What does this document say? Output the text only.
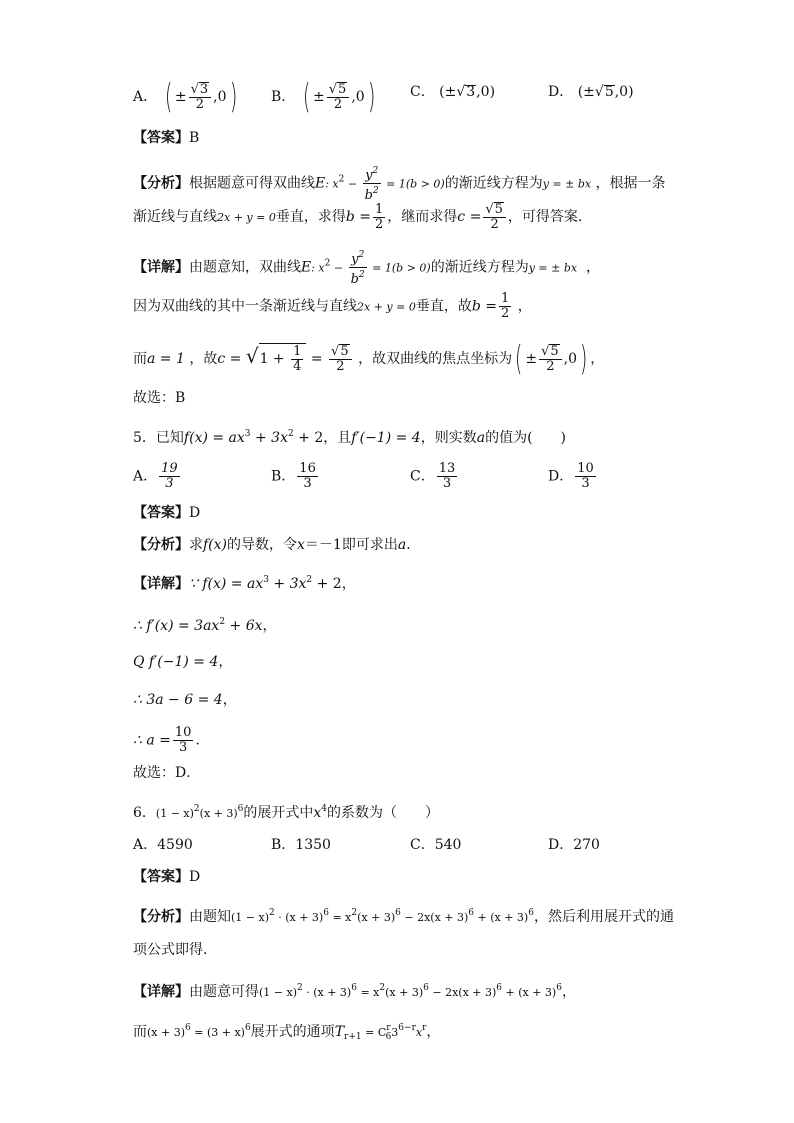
A． ( ± $\frac{√3}{2} ,0$) B． ( ± $\frac{√5}{2} ,0$)	C． (±√3,0)	D． (±√5,0)
【答案】B
【分析】根据题意可得双曲线E: $x^2 - \frac{y^2}{b^2} = 1(b > 0)$的渐近线方程为y = ± bx ，根据一条
渐近线与直线2x + y = 0垂直，求得$b = \frac{1}{2}$ ，继而求得$c = \frac{√5}{2}$ ，可得答案.
【详解】由题意知，双曲线E: $x^2 - \frac{y^2}{b^2} = 1(b > 0)$的渐近线方程为y = ± bx ，
因为双曲线的其中一条渐近线与直线2x + y = 0垂直，故$b = \frac{1}{2}$ ，
而a = 1 ，故$c = √1 + \frac{1}{4} = \frac{√5}{2}$ ，故双曲线的焦点坐标为( ± $\frac{√5}{2} ,0$) ，
故选：B
5．已知$f(x) = ax^3 + 3x^2 + 2$，且f′(−1) = 4，则实数a的值为(　　)
A． $\frac{19}{3}$	B． $\frac{16}{3}$	C． $\frac{13}{3}$	D． $\frac{10}{3}$
【答案】D
【分析】求f(x)的导数，令x＝－1即可求出a．
【详解】∵ $f(x) = ax^3 + 3x^2 + 2$，
∴ $f'(x) = 3ax^2 + 6x$，
Q f′(−1) = 4，
∴ 3a − 6 = 4，
∴ $a = \frac{10}{3}$ ．
故选：D．
6．$(1 - x)^2(x + 3)^6$的展开式中$x^4$的系数为（　　）
A．4590	B．1350	C．540	D．270
【答案】D
【分析】由题知$(1 - x)^2 \cdot (x + 3)^6 = x^2(x + 3)^6 - 2x(x + 3)^6 + (x + 3)^6$，然后利用展开式的通
项公式即得.
【详解】由题意可得$(1 - x)^2 \cdot (x + 3)^6 = x^2(x + 3)^6 - 2x(x + 3)^6 + (x + 3)^6$，
而$(x + 3)^6 = (3 + x)^6$展开式的通项$T_{r+1} = C^r_63^{6-r}x^r$，
